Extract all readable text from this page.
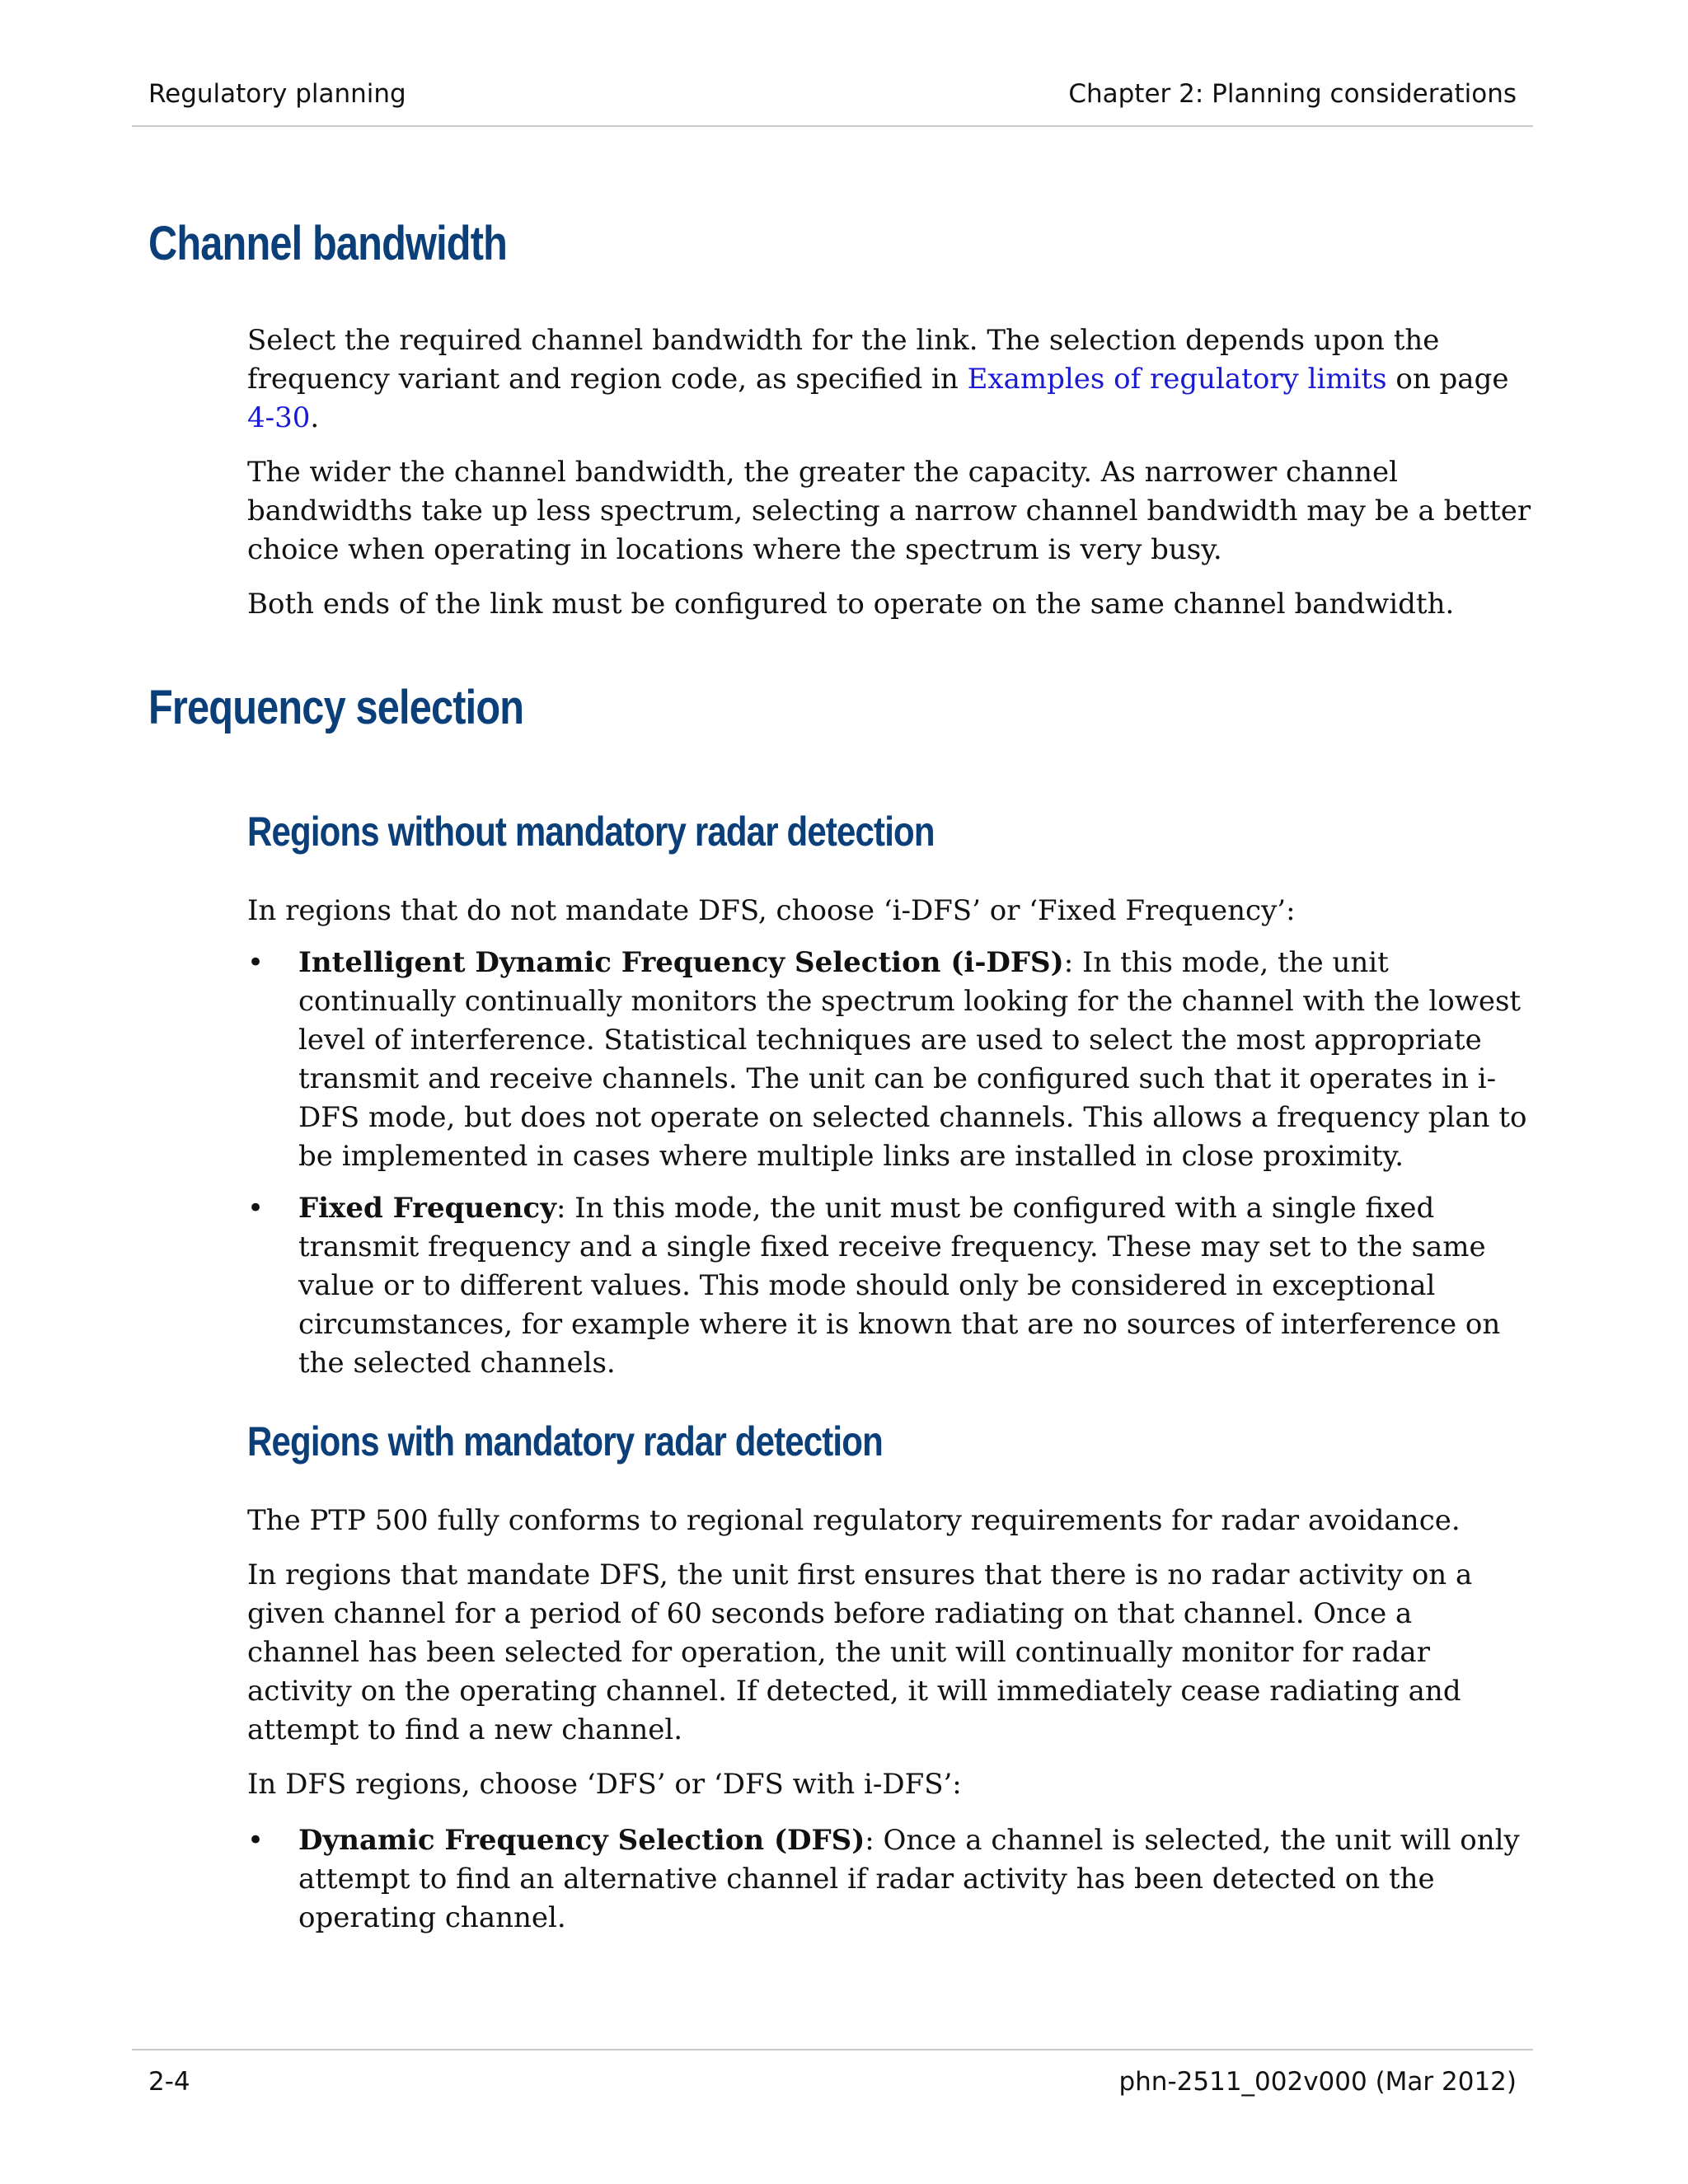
Regulatory planning	Chapter 2: Planning considerations
Channel bandwidth

Select the required channel bandwidth for the link. The selection depends upon the frequency variant and region code, as specified in Examples of regulatory limits on page 4-30.

The wider the channel bandwidth, the greater the capacity. As narrower channel bandwidths take up less spectrum, selecting a narrow channel bandwidth may be a better choice when operating in locations where the spectrum is very busy.

Both ends of the link must be configured to operate on the same channel bandwidth.

Frequency selection
Regions without mandatory radar detection
In regions that do not mandate DFS, choose ‘i-DFS’ or ‘Fixed Frequency’:
• Intelligent Dynamic Frequency Selection (i-DFS): In this mode, the unit continually continually monitors the spectrum looking for the channel with the lowest level of interference. Statistical techniques are used to select the most appropriate transmit and receive channels. The unit can be configured such that it operates in i-DFS mode, but does not operate on selected channels. This allows a frequency plan to be implemented in cases where multiple links are installed in close proximity.
• Fixed Frequency: In this mode, the unit must be configured with a single fixed transmit frequency and a single fixed receive frequency. These may set to the same value or to different values. This mode should only be considered in exceptional circumstances, for example where it is known that are no sources of interference on the selected channels.
Regions with mandatory radar detection

The PTP 500 fully conforms to regional regulatory requirements for radar avoidance.

In regions that mandate DFS, the unit first ensures that there is no radar activity on a given channel for a period of 60 seconds before radiating on that channel. Once a channel has been selected for operation, the unit will continually monitor for radar activity on the operating channel. If detected, it will immediately cease radiating and attempt to find a new channel.

In DFS regions, choose ‘DFS’ or ‘DFS with i-DFS’:

• Dynamic Frequency Selection (DFS): Once a channel is selected, the unit will only attempt to find an alternative channel if radar activity has been detected on the operating channel.
2-4	phn-2511_002v000 (Mar 2012)
